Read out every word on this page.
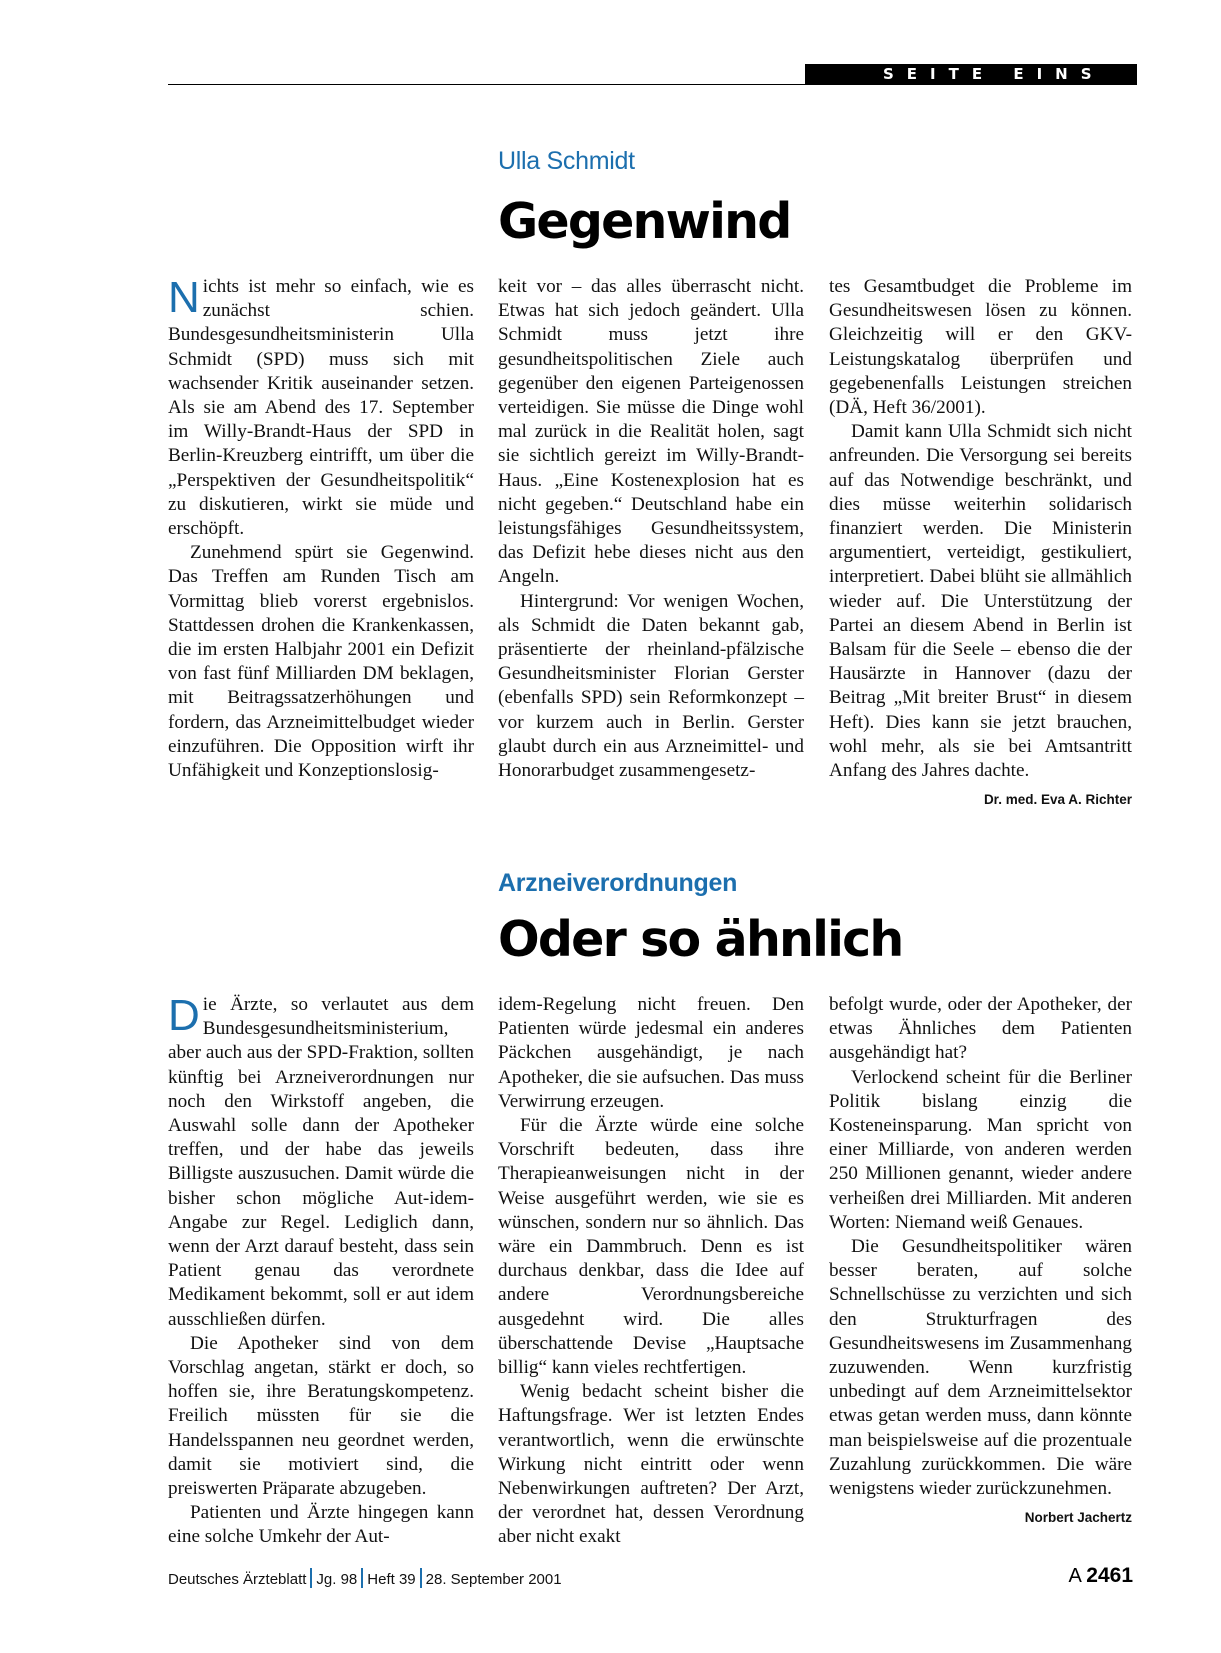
SEITE EINS
Ulla Schmidt
Gegenwind

Nichts ist mehr so einfach, wie es zunächst schien. Bundesgesundheitsministerin Ulla Schmidt (SPD) muss sich mit wachsender Kritik auseinander setzen. Als sie am Abend des 17. September im Willy-Brandt-Haus der SPD in Berlin-Kreuzberg eintrifft, um über die „Perspektiven der Gesundheitspolitik“ zu diskutieren, wirkt sie müde und erschöpft.

Zunehmend spürt sie Gegenwind. Das Treffen am Runden Tisch am Vormittag blieb vorerst ergebnislos. Stattdessen drohen die Krankenkassen, die im ersten Halbjahr 2001 ein Defizit von fast fünf Milliarden DM beklagen, mit Beitragssatzerhöhungen und fordern, das Arzneimittelbudget wieder einzuführen. Die Opposition wirft ihr Unfähigkeit und Konzeptionslosig-

keit vor – das alles überrascht nicht. Etwas hat sich jedoch geändert. Ulla Schmidt muss jetzt ihre gesundheitspolitischen Ziele auch gegenüber den eigenen Parteigenossen verteidigen. Sie müsse die Dinge wohl mal zurück in die Realität holen, sagt sie sichtlich gereizt im Willy-Brandt-Haus. „Eine Kostenexplosion hat es nicht gegeben.“ Deutschland habe ein leistungsfähiges Gesundheitssystem, das Defizit hebe dieses nicht aus den Angeln.

Hintergrund: Vor wenigen Wochen, als Schmidt die Daten bekannt gab, präsentierte der rheinland-pfälzische Gesundheitsminister Florian Gerster (ebenfalls SPD) sein Reformkonzept – vor kurzem auch in Berlin. Gerster glaubt durch ein aus Arzneimittel- und Honorarbudget zusammengesetz-

tes Gesamtbudget die Probleme im Gesundheitswesen lösen zu können. Gleichzeitig will er den GKV-Leistungskatalog überprüfen und gegebenenfalls Leistungen streichen (DÄ, Heft 36/2001).

Damit kann Ulla Schmidt sich nicht anfreunden. Die Versorgung sei bereits auf das Notwendige beschränkt, und dies müsse weiterhin solidarisch finanziert werden. Die Ministerin argumentiert, verteidigt, gestikuliert, interpretiert. Dabei blüht sie allmählich wieder auf. Die Unterstützung der Partei an diesem Abend in Berlin ist Balsam für die Seele – ebenso die der Hausärzte in Hannover (dazu der Beitrag „Mit breiter Brust“ in diesem Heft). Dies kann sie jetzt brauchen, wohl mehr, als sie bei Amtsantritt Anfang des Jahres dachte.
Dr. med. Eva A. Richter

Arzneiverordnungen
Oder so ähnlich

Die Ärzte, so verlautet aus dem Bundesgesundheitsministerium, aber auch aus der SPD-Fraktion, sollten künftig bei Arzneiverordnungen nur noch den Wirkstoff angeben, die Auswahl solle dann der Apotheker treffen, und der habe das jeweils Billigste auszusuchen. Damit würde die bisher schon mögliche Aut-idem-Angabe zur Regel. Lediglich dann, wenn der Arzt darauf besteht, dass sein Patient genau das verordnete Medikament bekommt, soll er aut idem ausschließen dürfen.

Die Apotheker sind von dem Vorschlag angetan, stärkt er doch, so hoffen sie, ihre Beratungskompetenz. Freilich müssten für sie die Handelsspannen neu geordnet werden, damit sie motiviert sind, die preiswerten Präparate abzugeben.

Patienten und Ärzte hingegen kann eine solche Umkehr der Aut-

idem-Regelung nicht freuen. Den Patienten würde jedesmal ein anderes Päckchen ausgehändigt, je nach Apotheker, die sie aufsuchen. Das muss Verwirrung erzeugen.

Für die Ärzte würde eine solche Vorschrift bedeuten, dass ihre Therapieanweisungen nicht in der Weise ausgeführt werden, wie sie es wünschen, sondern nur so ähnlich. Das wäre ein Dammbruch. Denn es ist durchaus denkbar, dass die Idee auf andere Verordnungsbereiche ausgedehnt wird. Die alles überschattende Devise „Hauptsache billig“ kann vieles rechtfertigen.

Wenig bedacht scheint bisher die Haftungsfrage. Wer ist letzten Endes verantwortlich, wenn die erwünschte Wirkung nicht eintritt oder wenn Nebenwirkungen auftreten? Der Arzt, der verordnet hat, dessen Verordnung aber nicht exakt

befolgt wurde, oder der Apotheker, der etwas Ähnliches dem Patienten ausgehändigt hat?

Verlockend scheint für die Berliner Politik bislang einzig die Kosteneinsparung. Man spricht von einer Milliarde, von anderen werden 250 Millionen genannt, wieder andere verheißen drei Milliarden. Mit anderen Worten: Niemand weiß Genaues.

Die Gesundheitspolitiker wären besser beraten, auf solche Schnellschüsse zu verzichten und sich den Strukturfragen des Gesundheitswesens im Zusammenhang zuzuwenden. Wenn kurzfristig unbedingt auf dem Arzneimittelsektor etwas getan werden muss, dann könnte man beispielsweise auf die prozentuale Zuzahlung zurückkommen. Die wäre wenigstens wieder zurückzunehmen.
Norbert Jachertz

Deutsches Ärzteblatt Jg. 98 Heft 39 28. September 2001	A 2461
